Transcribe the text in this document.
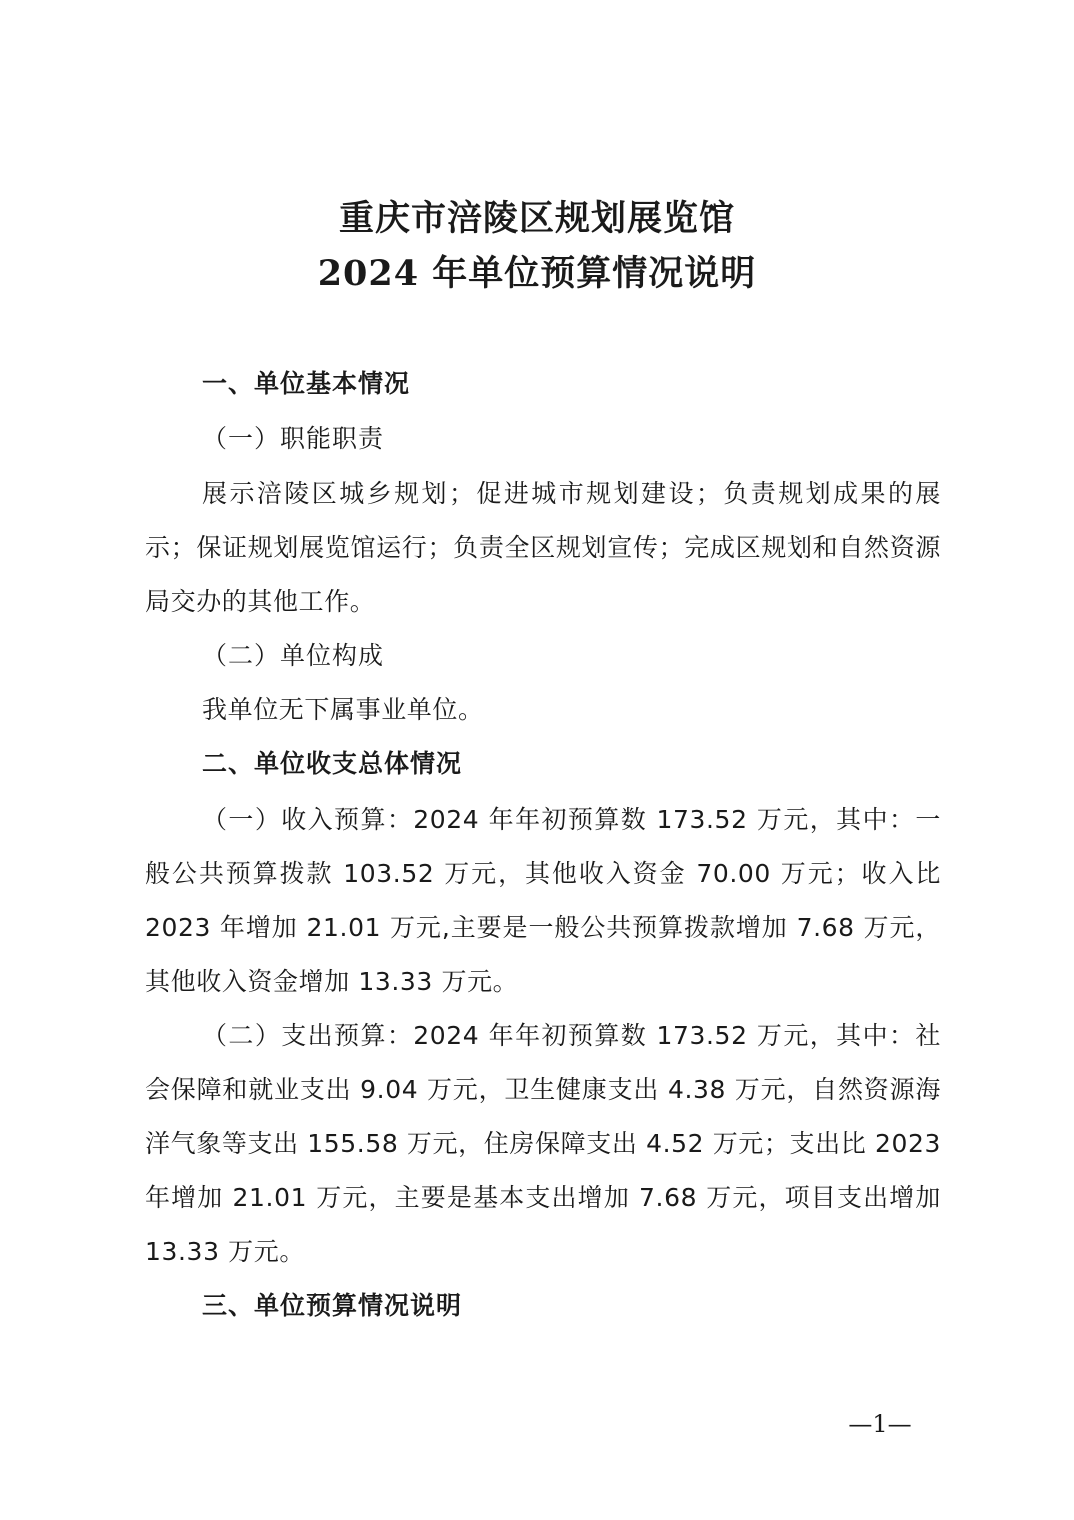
重庆市涪陵区规划展览馆
2024 年单位预算情况说明
一、单位基本情况
（一）职能职责

展示涪陵区城乡规划；促进城市规划建设；负责规划成果的展示；保证规划展览馆运行；负责全区规划宣传；完成区规划和自然资源局交办的其他工作。

（二）单位构成

我单位无下属事业单位。

二、单位收支总体情况

（一）收入预算：2024 年年初预算数 173.52 万元，其中：一般公共预算拨款 103.52 万元，其他收入资金 70.00 万元；收入比 2023 年增加 21.01 万元,主要是一般公共预算拨款增加 7.68 万元，其他收入资金增加 13.33 万元。

（二）支出预算：2024 年年初预算数 173.52 万元，其中：社会保障和就业支出 9.04 万元，卫生健康支出 4.38 万元，自然资源海洋气象等支出 155.58 万元，住房保障支出 4.52 万元；支出比 2023 年增加 21.01 万元，主要是基本支出增加 7.68 万元，项目支出增加 13.33 万元。

三、单位预算情况说明
—1—
